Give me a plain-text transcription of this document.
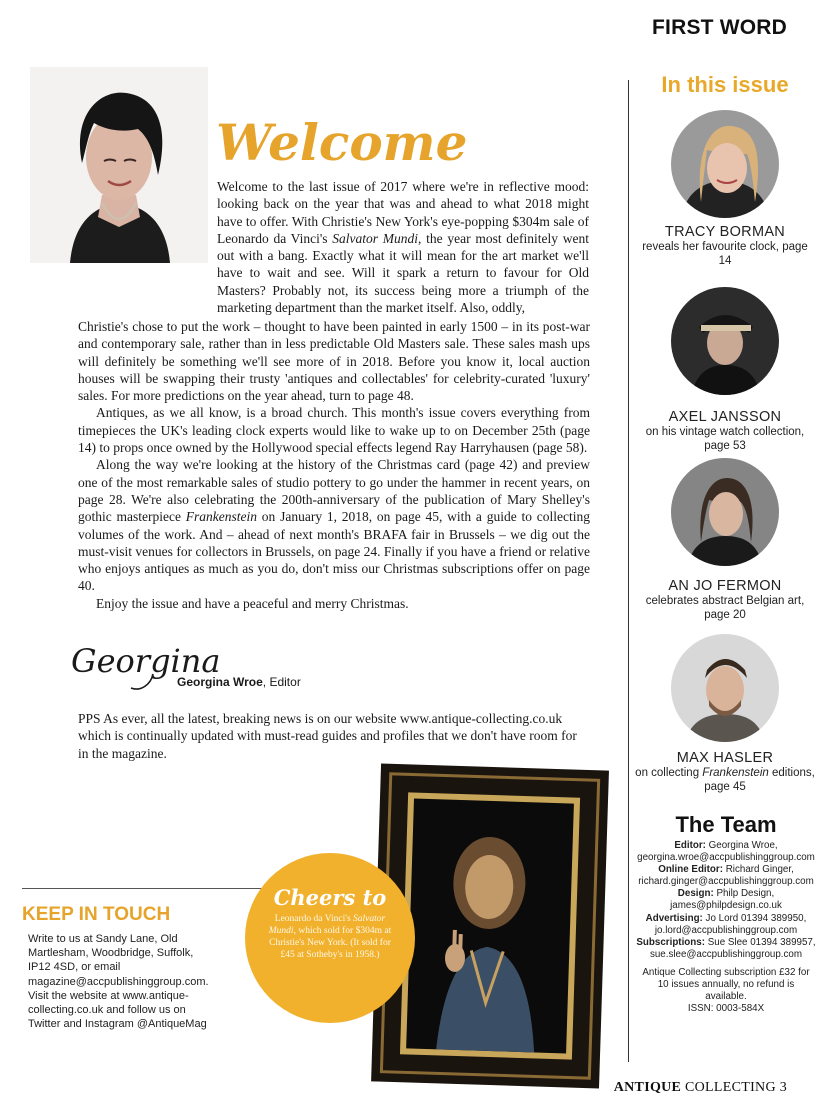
FIRST WORD
Welcome

Welcome to the last issue of 2017 where we're in reflective mood: looking back on the year that was and ahead to what 2018 might have to offer. With Christie's New York's eye-popping $304m sale of Leonardo da Vinci's Salvator Mundi, the year most definitely went out with a bang. Exactly what it will mean for the art market we'll have to wait and see. Will it spark a return to favour for Old Masters? Probably not, its success being more a triumph of the marketing department than the market itself. Also, oddly,

Christie's chose to put the work – thought to have been painted in early 1500 – in its post-war and contemporary sale, rather than in less predictable Old Masters sale. These sales mash ups will definitely be something we'll see more of in 2018. Before you know it, local auction houses will be swapping their trusty 'antiques and collectables' for celebrity-curated 'luxury' sales. For more predictions on the year ahead, turn to page 48.

Antiques, as we all know, is a broad church. This month's issue covers everything from timepieces the UK's leading clock experts would like to wake up to on December 25th (page 14) to props once owned by the Hollywood special effects legend Ray Harryhausen (page 58).

Along the way we're looking at the history of the Christmas card (page 42) and preview one of the most remarkable sales of studio pottery to go under the hammer in recent years, on page 28. We're also celebrating the 200th-anniversary of the publication of Mary Shelley's gothic masterpiece Frankenstein on January 1, 2018, on page 45, with a guide to collecting volumes of the work. And – ahead of next month's BRAFA fair in Brussels – we dig out the must-visit venues for collectors in Brussels, on page 24. Finally if you have a friend or relative who enjoys antiques as much as you do, don't miss our Christmas subscriptions offer on page 40.

Enjoy the issue and have a peaceful and merry Christmas.

Georgina
Georgina Wroe, Editor
PPS As ever, all the latest, breaking news is on our website www.antique-collecting.co.uk which is continually updated with must-read guides and profiles that we don't have room for in the magazine.
In this issue
TRACY BORMAN
reveals her favourite clock, page 14
AXEL JANSSON
on his vintage watch collection, page 53
AN JO FERMON
celebrates abstract Belgian art, page 20
MAX HASLER
on collecting Frankenstein editions, page 45
The Team

Editor: Georgina Wroe, georgina.wroe@accpublishinggroup.com

Online Editor: Richard Ginger, richard.ginger@accpublishinggroup.com

Design: Philp Design, james@philpdesign.co.uk

Advertising: Jo Lord 01394 389950, jo.lord@accpublishinggroup.com

Subscriptions: Sue Slee 01394 389957, sue.slee@accpublishinggroup.com

Antique Collecting subscription £32 for 10 issues annually, no refund is available.

ISSN: 0003-584X

KEEP IN TOUCH
Write to us at Sandy Lane, Old Martlesham, Woodbridge, Suffolk, IP12 4SD, or email magazine@accpublishinggroup.com. Visit the website at www.antique-collecting.co.uk and follow us on Twitter and Instagram @AntiqueMag
Cheers to
Leonardo da Vinci's Salvator Mundi, which sold for $304m at Christie's New York. (It sold for £45 at Sotheby's in 1958.)
ANTIQUE COLLECTING 3
